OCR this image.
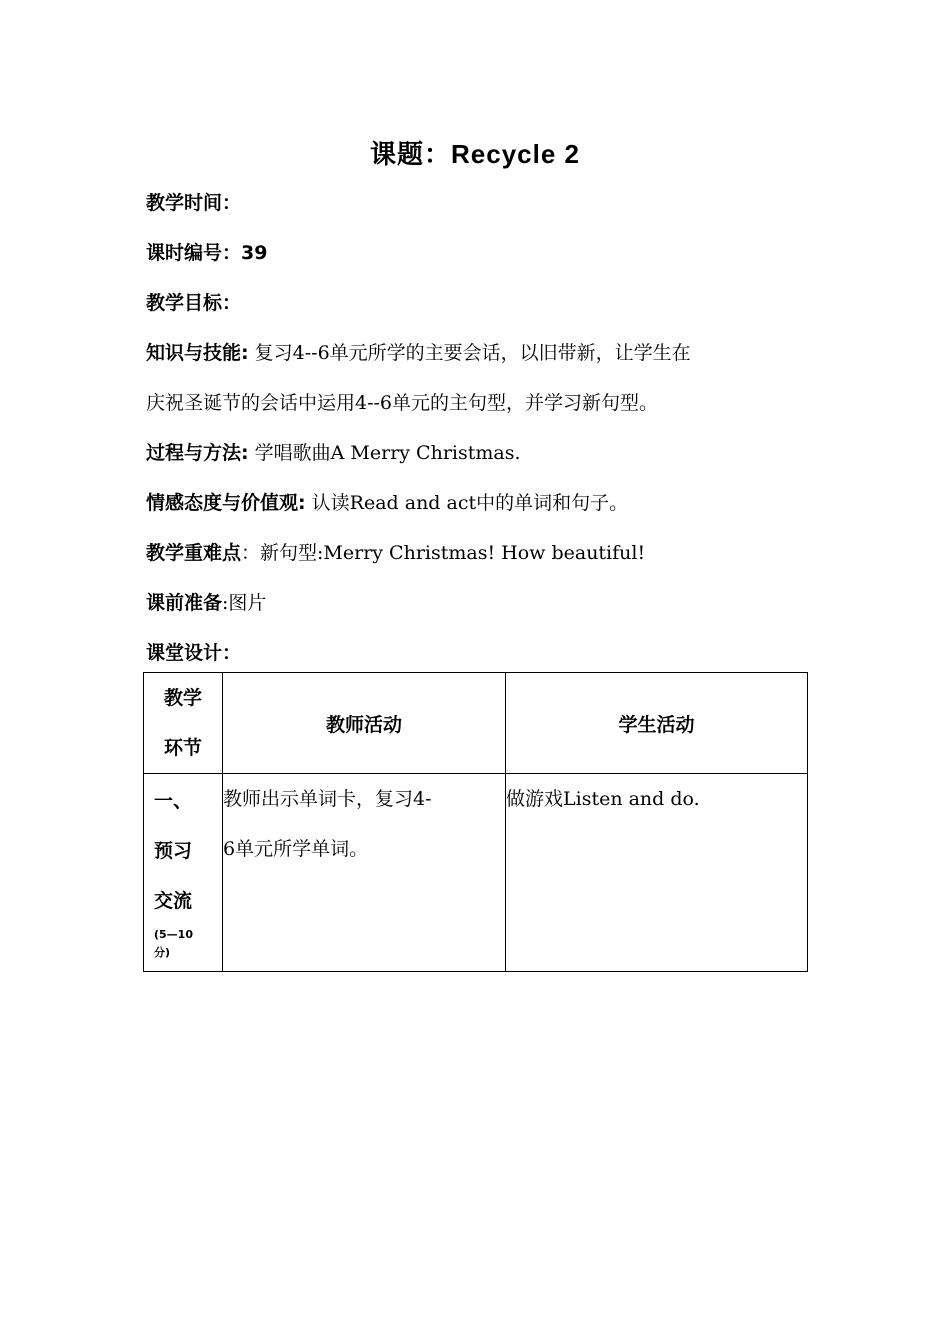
课题：Recycle 2
教学时间：
课时编号：39
教学目标：
知识与技能: 复习4--6单元所学的主要会话，以旧带新，让学生在
庆祝圣诞节的会话中运用4--6单元的主句型，并学习新句型。
过程与方法: 学唱歌曲A Merry Christmas.
情感态度与价值观: 认读Read and act中的单词和句子。
教学重难点：新句型:Merry Christmas! How beautiful!
课前准备:图片
课堂设计：
教学
环节	教师活动	学生活动

一、
预习
交流
(5—10
分)	教师出示单词卡，复习4-
6单元所学单词。	做游戏Listen and do.
